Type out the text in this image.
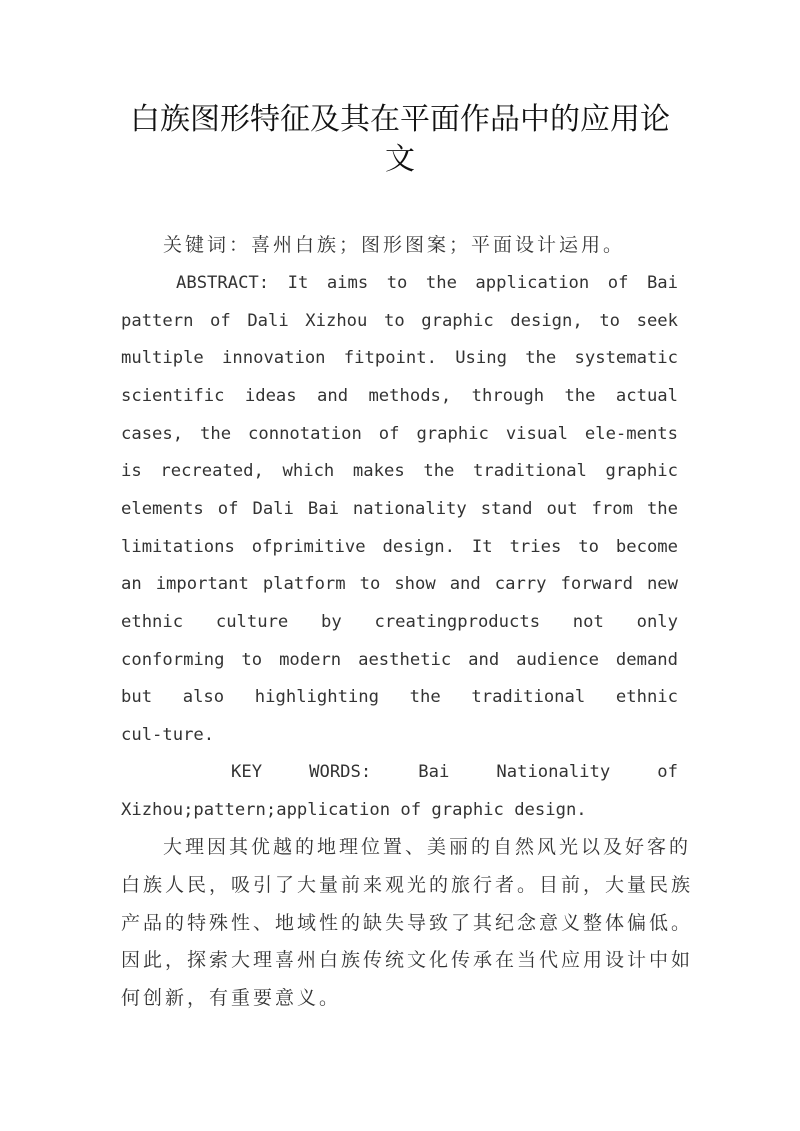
白族图形特征及其在平面作品中的应用论
文
关键词：喜州白族；图形图案；平面设计运用。
ABSTRACT: It aims to the application of Bai
pattern of Dali Xizhou to graphic design, to seek
multiple innovation fitpoint. Using the systematic
scientific ideas and methods, through the actual
cases, the connotation of graphic visual ele-ments
is recreated, which makes the traditional graphic
elements of Dali Bai nationality stand out from the
limitations ofprimitive design. It tries to become
an important platform to show and carry forward new
ethnic culture by creatingproducts not only
conforming to modern aesthetic and audience demand
but also highlighting the traditional ethnic
cul-ture.
KEY WORDS: Bai Nationality of
Xizhou;pattern;application of graphic design.
大理因其优越的地理位置、美丽的自然风光以及好客的
白族人民，吸引了大量前来观光的旅行者。目前，大量民族
产品的特殊性、地域性的缺失导致了其纪念意义整体偏低。
因此，探索大理喜州白族传统文化传承在当代应用设计中如
何创新，有重要意义。
